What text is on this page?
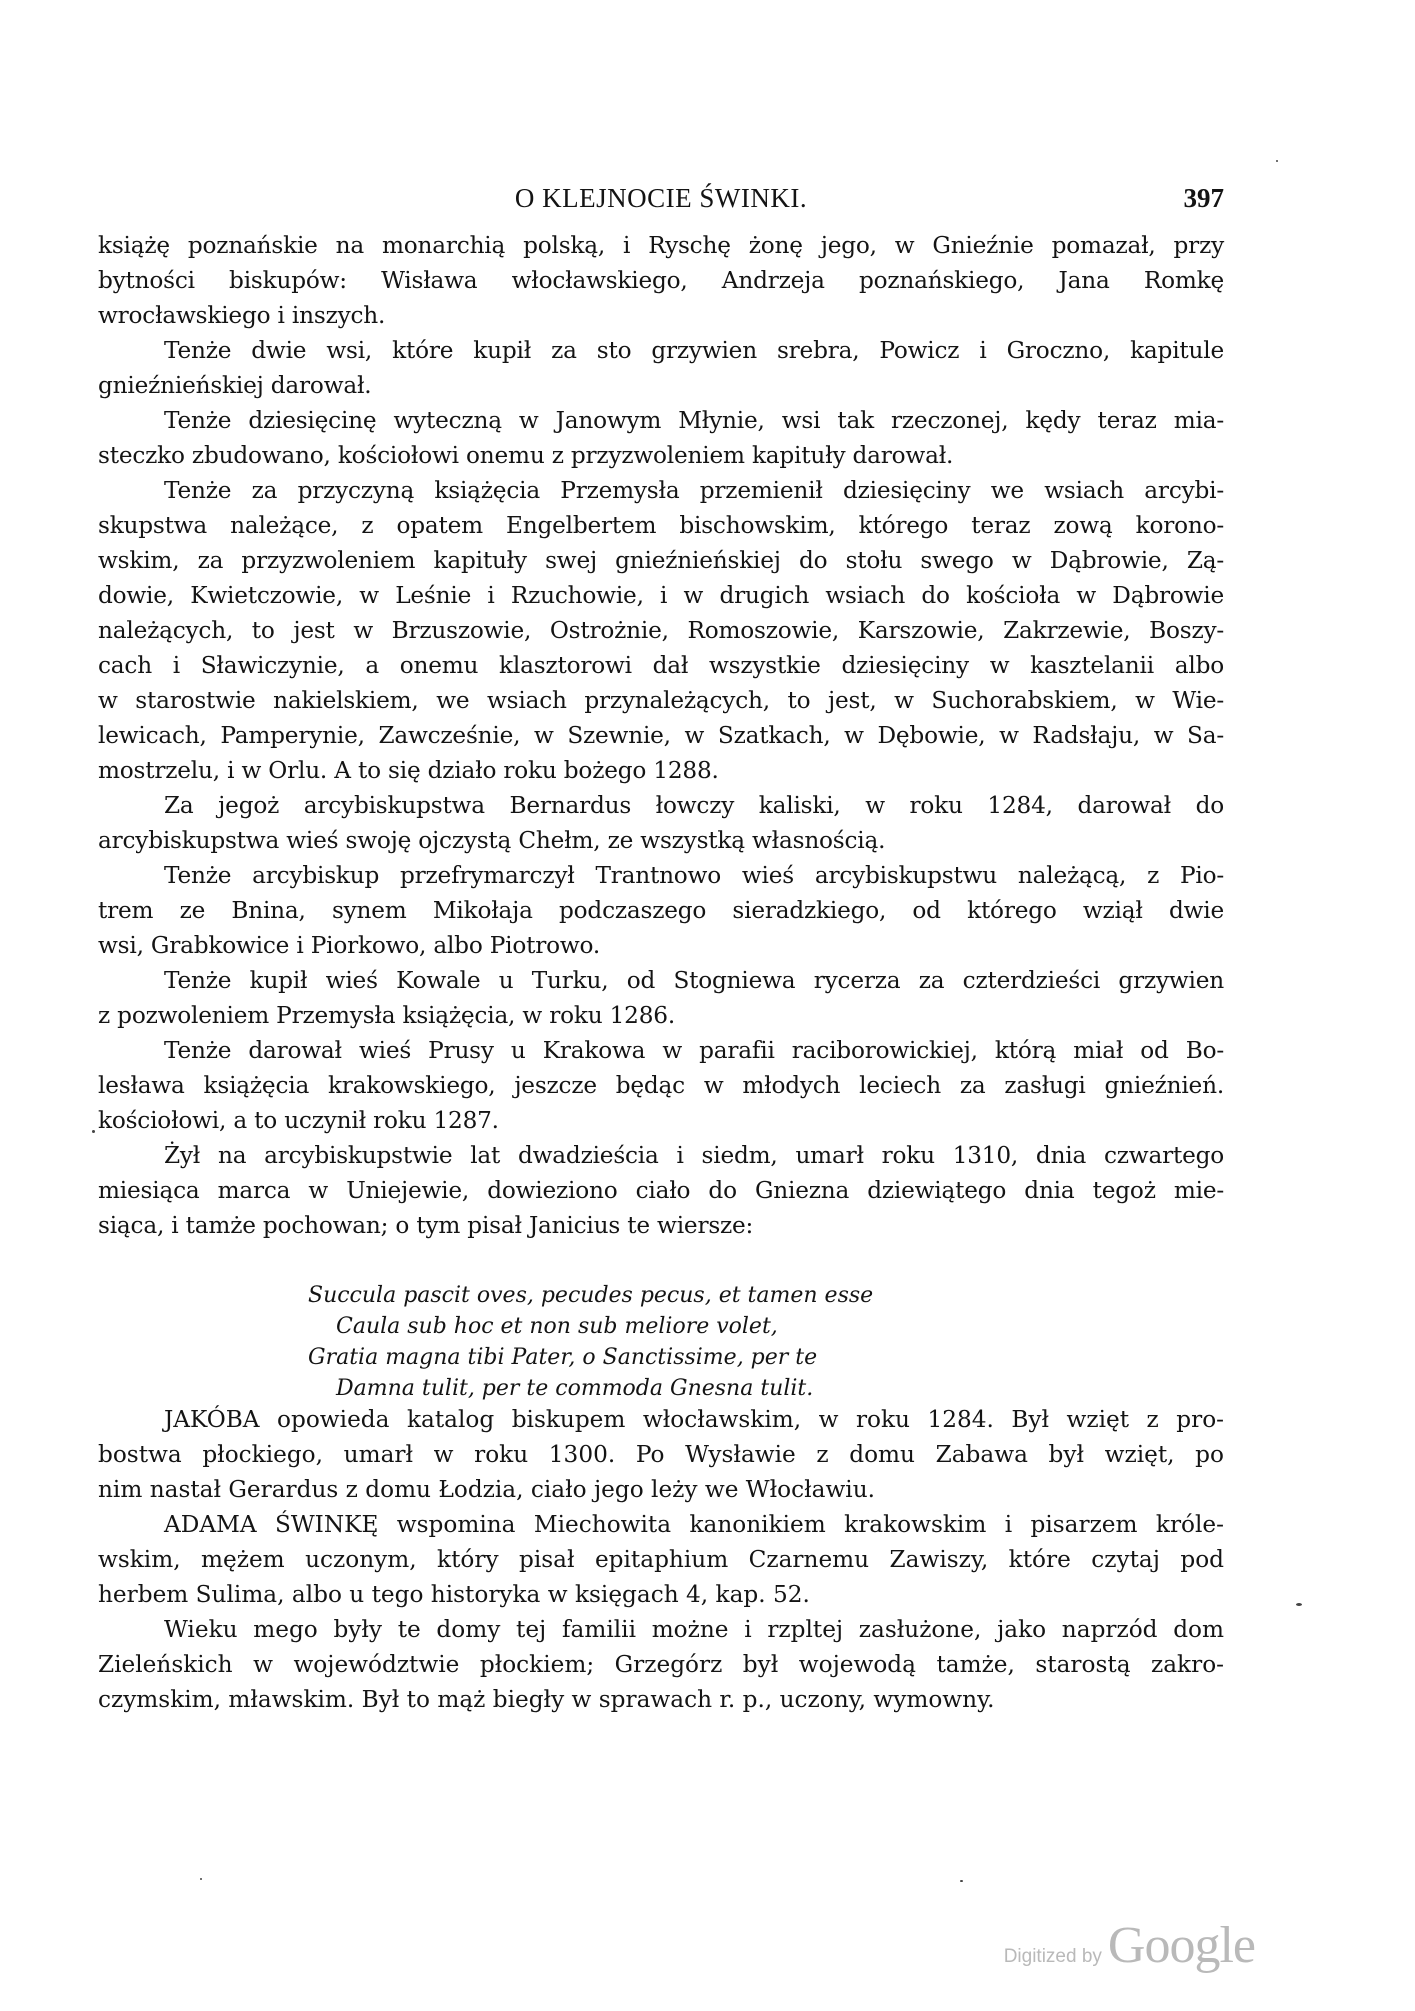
O KLEJNOCIE ŚWINKI.	397
książę poznańskie na monarchią polską, i Ryschę żonę jego, w Gnieźnie pomazał, przy
bytności biskupów: Wisława włocławskiego, Andrzeja poznańskiego, Jana Romkę
wrocławskiego i inszych.
Tenże dwie wsi, które kupił za sto grzywien srebra, Powicz i Groczno, kapitule
gnieźnieńskiej darował.
Tenże dziesięcinę wyteczną w Janowym Młynie, wsi tak rzeczonej, kędy teraz mia-
steczko zbudowano, kościołowi onemu z przyzwoleniem kapituły darował.
Tenże za przyczyną książęcia Przemysła przemienił dziesięciny we wsiach arcybi-
skupstwa należące, z opatem Engelbertem bischowskim, którego teraz zową korono-
wskim, za przyzwoleniem kapituły swej gnieźnieńskiej do stołu swego w Dąbrowie, Zą-
dowie, Kwietczowie, w Leśnie i Rzuchowie, i w drugich wsiach do kościoła w Dąbrowie
należących, to jest w Brzuszowie, Ostrożnie, Romoszowie, Karszowie, Zakrzewie, Boszy-
cach i Sławiczynie, a onemu klasztorowi dał wszystkie dziesięciny w kasztelanii albo
w starostwie nakielskiem, we wsiach przynależących, to jest, w Suchorabskiem, w Wie-
lewicach, Pamperynie, Zawcześnie, w Szewnie, w Szatkach, w Dębowie, w Radsłaju, w Sa-
mostrzelu, i w Orlu. A to się działo roku bożego 1288.
Za jegoż arcybiskupstwa Bernardus łowczy kaliski, w roku 1284, darował do
arcybiskupstwa wieś swoję ojczystą Chełm, ze wszystką własnością.
Tenże arcybiskup przefrymarczył Trantnowo wieś arcybiskupstwu należącą, z Pio-
trem ze Bnina, synem Mikołaja podczaszego sieradzkiego, od którego wziął dwie
wsi, Grabkowice i Piorkowo, albo Piotrowo.
Tenże kupił wieś Kowale u Turku, od Stogniewa rycerza za czterdzieści grzywien
z pozwoleniem Przemysła książęcia, w roku 1286.
Tenże darował wieś Prusy u Krakowa w parafii raciborowickiej, którą miał od Bo-
lesława książęcia krakowskiego, jeszcze będąc w młodych leciech za zasługi gnieźnień.
kościołowi, a to uczynił roku 1287.
Żył na arcybiskupstwie lat dwadzieścia i siedm, umarł roku 1310, dnia czwartego
miesiąca marca w Uniejewie, dowieziono ciało do Gniezna dziewiątego dnia tegoż mie-
siąca, i tamże pochowan; o tym pisał Janicius te wiersze:
Succula pascit oves, pecudes pecus, et tamen esse
Caula sub hoc et non sub meliore volet,
Gratia magna tibi Pater, o Sanctissime, per te
Damna tulit, per te commoda Gnesna tulit.
JAKÓBA opowieda katalog biskupem włocławskim, w roku 1284. Był wzięt z pro-
bostwa płockiego, umarł w roku 1300. Po Wysławie z domu Zabawa był wzięt, po
nim nastał Gerardus z domu Łodzia, ciało jego leży we Włocławiu.
ADAMA ŚWINKĘ wspomina Miechowita kanonikiem krakowskim i pisarzem króle-
wskim, mężem uczonym, który pisał epitaphium Czarnemu Zawiszy, które czytaj pod
herbem Sulima, albo u tego historyka w księgach 4, kap. 52.
Wieku mego były te domy tej familii możne i rzpltej zasłużone, jako naprzód dom
Zieleńskich w województwie płockiem; Grzegórz był wojewodą tamże, starostą zakro-
czymskim, mławskim. Był to mąż biegły w sprawach r. p., uczony, wymowny.
Digitized by Google
